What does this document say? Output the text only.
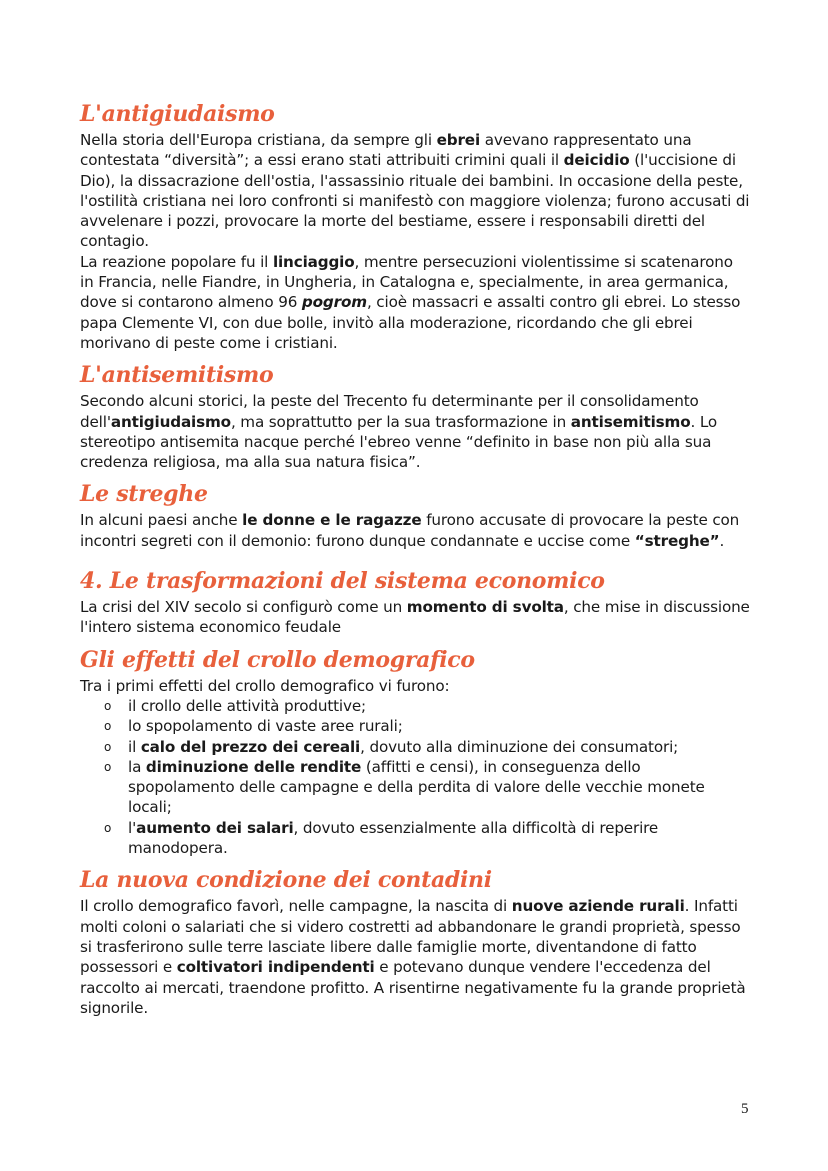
L'antigiudaismo

Nella storia dell'Europa cristiana, da sempre gli ebrei avevano rappresentato una contestata “diversità”; a essi erano stati attribuiti crimini quali il deicidio (l'uccisione di Dio), la dissacrazione dell'ostia, l'assassinio rituale dei bambini. In occasione della peste, l'ostilità cristiana nei loro confronti si manifestò con maggiore violenza; furono accusati di avvelenare i pozzi, provocare la morte del bestiame, essere i responsabili diretti del contagio.

La reazione popolare fu il linciaggio, mentre persecuzioni violentissime si scatenarono in Francia, nelle Fiandre, in Ungheria, in Catalogna e, specialmente, in area germanica, dove si contarono almeno 96 pogrom, cioè massacri e assalti contro gli ebrei. Lo stesso papa Clemente VI, con due bolle, invitò alla moderazione, ricordando che gli ebrei morivano di peste come i cristiani.

L'antisemitismo

Secondo alcuni storici, la peste del Trecento fu determinante per il consolidamento dell'antigiudaismo, ma soprattutto per la sua trasformazione in antisemitismo. Lo stereotipo antisemita nacque perché l'ebreo venne “definito in base non più alla sua credenza religiosa, ma alla sua natura fisica”.

Le streghe

In alcuni paesi anche le donne e le ragazze furono accusate di provocare la peste con incontri segreti con il demonio: furono dunque condannate e uccise come “streghe”.

4. Le trasformazioni del sistema economico

La crisi del XIV secolo si configurò come un momento di svolta, che mise in discussione l'intero sistema economico feudale

Gli effetti del crollo demografico

Tra i primi effetti del crollo demografico vi furono:

o il crollo delle attività produttive;
o lo spopolamento di vaste aree rurali;
o il calo del prezzo dei cereali, dovuto alla diminuzione dei consumatori;
o la diminuzione delle rendite (affitti e censi), in conseguenza dello spopolamento delle campagne e della perdita di valore delle vecchie monete locali;
o l'aumento dei salari, dovuto essenzialmente alla difficoltà di reperire manodopera.
La nuova condizione dei contadini

Il crollo demografico favorì, nelle campagne, la nascita di nuove aziende rurali. Infatti molti coloni o salariati che si videro costretti ad abbandonare le grandi proprietà, spesso si trasferirono sulle terre lasciate libere dalle famiglie morte, diventandone di fatto possessori e coltivatori indipendenti e potevano dunque vendere l'eccedenza del raccolto ai mercati, traendone profitto. A risentirne negativamente fu la grande proprietà signorile.

5
